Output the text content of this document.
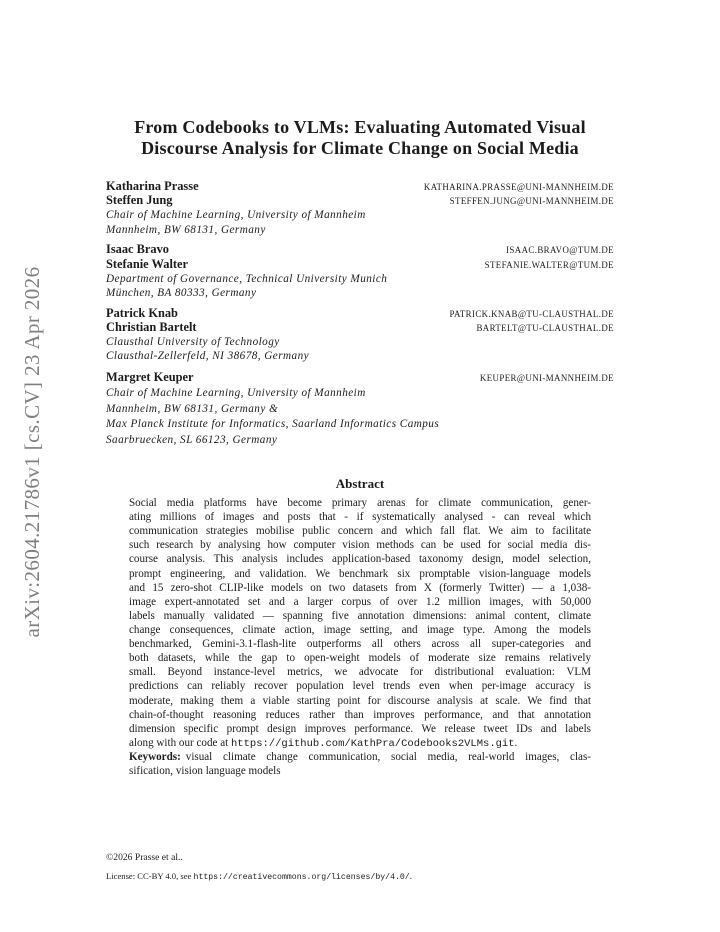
arXiv:2604.21786v1 [cs.CV] 23 Apr 2026
From Codebooks to VLMs: Evaluating Automated Visual
Discourse Analysis for Climate Change on Social Media
Katharina Prasse	KATHARINA.PRASSE@UNI-MANNHEIM.DE
Steffen Jung	STEFFEN.JUNG@UNI-MANNHEIM.DE
Chair of Machine Learning, University of Mannheim
Mannheim, BW 68131, Germany
Isaac Bravo	ISAAC.BRAVO@TUM.DE
Stefanie Walter	STEFANIE.WALTER@TUM.DE
Department of Governance, Technical University Munich
München, BA 80333, Germany
Patrick Knab	PATRICK.KNAB@TU-CLAUSTHAL.DE
Christian Bartelt	BARTELT@TU-CLAUSTHAL.DE
Clausthal University of Technology
Clausthal-Zellerfeld, NI 38678, Germany
Margret Keuper	KEUPER@UNI-MANNHEIM.DE
Chair of Machine Learning, University of Mannheim
Mannheim, BW 68131, Germany &
Max Planck Institute for Informatics, Saarland Informatics Campus
Saarbruecken, SL 66123, Germany
Abstract
Social media platforms have become primary arenas for climate communication, gener-
ating millions of images and posts that - if systematically analysed - can reveal which
communication strategies mobilise public concern and which fall flat. We aim to facilitate
such research by analysing how computer vision methods can be used for social media dis-
course analysis. This analysis includes application-based taxonomy design, model selection,
prompt engineering, and validation. We benchmark six promptable vision-language models
and 15 zero-shot CLIP-like models on two datasets from X (formerly Twitter) — a 1,038-
image expert-annotated set and a larger corpus of over 1.2 million images, with 50,000
labels manually validated — spanning five annotation dimensions: animal content, climate
change consequences, climate action, image setting, and image type. Among the models
benchmarked, Gemini-3.1-flash-lite outperforms all others across all super-categories and
both datasets, while the gap to open-weight models of moderate size remains relatively
small. Beyond instance-level metrics, we advocate for distributional evaluation: VLM
predictions can reliably recover population level trends even when per-image accuracy is
moderate, making them a viable starting point for discourse analysis at scale. We find that
chain-of-thought reasoning reduces rather than improves performance, and that annotation
dimension specific prompt design improves performance. We release tweet IDs and labels
along with our code at https://github.com/KathPra/Codebooks2VLMs.git.
Keywords: visual climate change communication, social media, real-world images, clas-
sification, vision language models
©2026 Prasse et al..
License: CC-BY 4.0, see https://creativecommons.org/licenses/by/4.0/.
